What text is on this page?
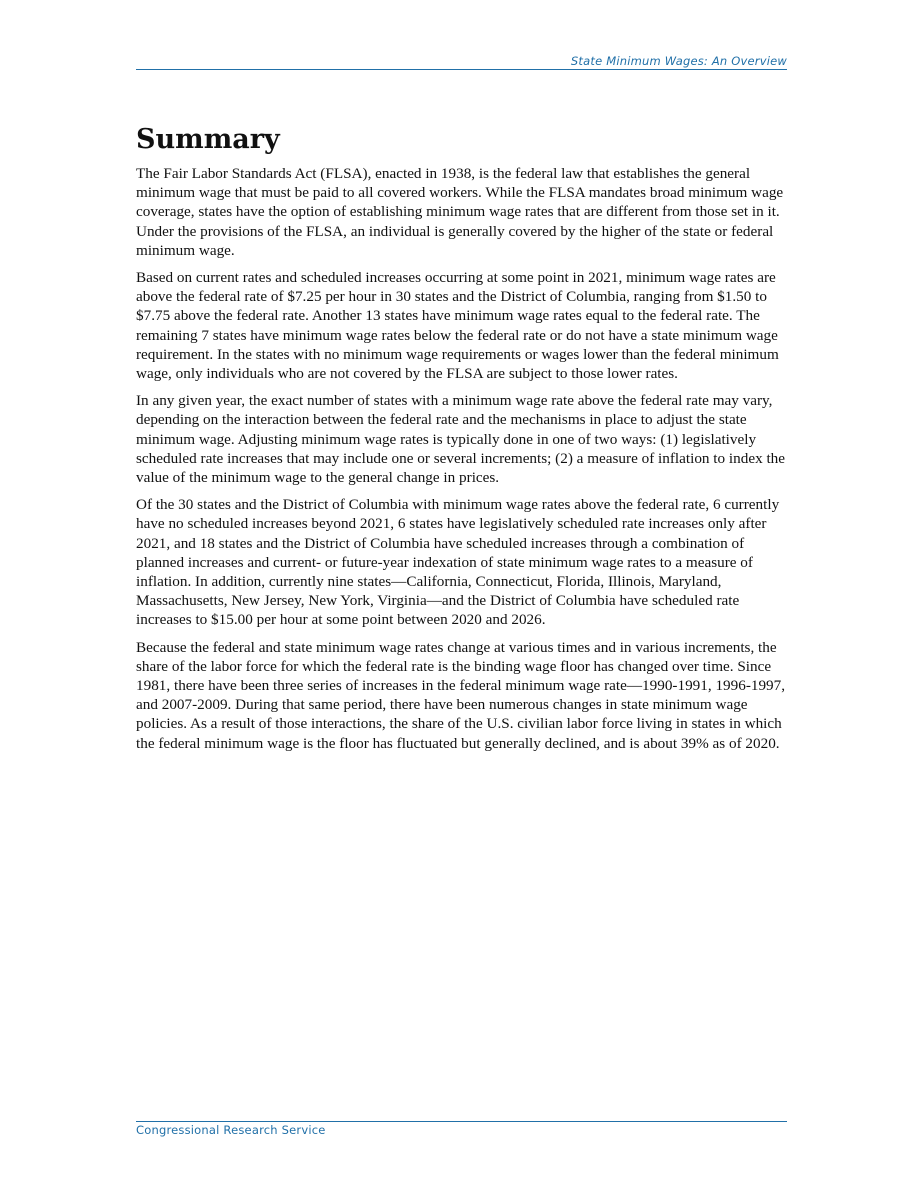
State Minimum Wages: An Overview
Summary

The Fair Labor Standards Act (FLSA), enacted in 1938, is the federal law that establishes the general minimum wage that must be paid to all covered workers. While the FLSA mandates broad minimum wage coverage, states have the option of establishing minimum wage rates that are different from those set in it. Under the provisions of the FLSA, an individual is generally covered by the higher of the state or federal minimum wage.

Based on current rates and scheduled increases occurring at some point in 2021, minimum wage rates are above the federal rate of $7.25 per hour in 30 states and the District of Columbia, ranging from $1.50 to $7.75 above the federal rate. Another 13 states have minimum wage rates equal to the federal rate. The remaining 7 states have minimum wage rates below the federal rate or do not have a state minimum wage requirement. In the states with no minimum wage requirements or wages lower than the federal minimum wage, only individuals who are not covered by the FLSA are subject to those lower rates.

In any given year, the exact number of states with a minimum wage rate above the federal rate may vary, depending on the interaction between the federal rate and the mechanisms in place to adjust the state minimum wage. Adjusting minimum wage rates is typically done in one of two ways: (1) legislatively scheduled rate increases that may include one or several increments; (2) a measure of inflation to index the value of the minimum wage to the general change in prices.

Of the 30 states and the District of Columbia with minimum wage rates above the federal rate, 6 currently have no scheduled increases beyond 2021, 6 states have legislatively scheduled rate increases only after 2021, and 18 states and the District of Columbia have scheduled increases through a combination of planned increases and current- or future-year indexation of state minimum wage rates to a measure of inflation. In addition, currently nine states—California, Connecticut, Florida, Illinois, Maryland, Massachusetts, New Jersey, New York, Virginia—and the District of Columbia have scheduled rate increases to $15.00 per hour at some point between 2020 and 2026.

Because the federal and state minimum wage rates change at various times and in various increments, the share of the labor force for which the federal rate is the binding wage floor has changed over time. Since 1981, there have been three series of increases in the federal minimum wage rate—1990-1991, 1996-1997, and 2007-2009. During that same period, there have been numerous changes in state minimum wage policies. As a result of those interactions, the share of the U.S. civilian labor force living in states in which the federal minimum wage is the floor has fluctuated but generally declined, and is about 39% as of 2020.

Congressional Research Service
